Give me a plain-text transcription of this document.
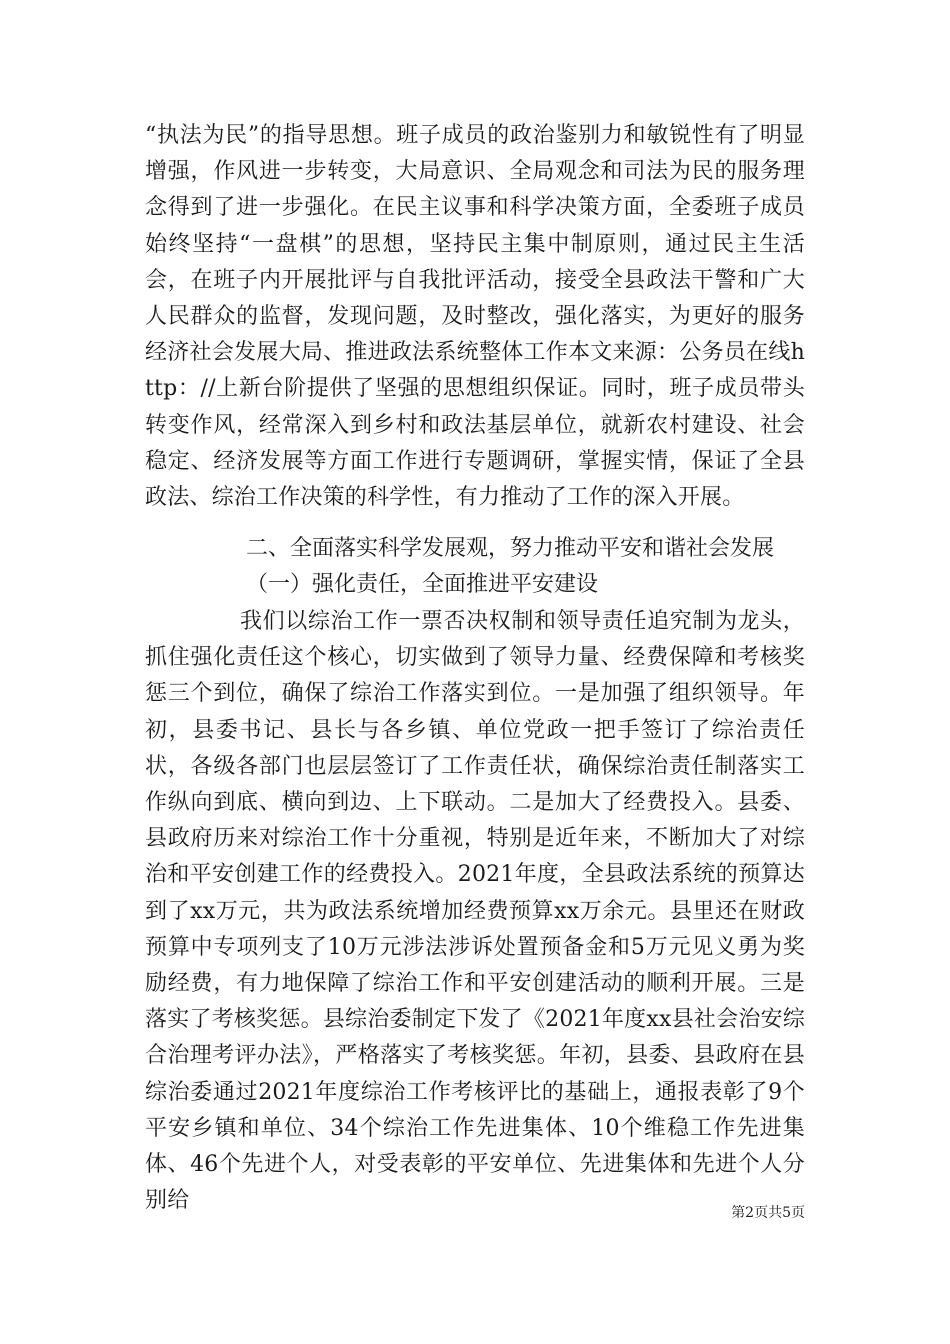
“执法为民”的指导思想。班子成员的政治鉴别力和敏锐性有了明显增强，作风进一步转变，大局意识、全局观念和司法为民的服务理念得到了进一步强化。在民主议事和科学决策方面，全委班子成员始终坚持“一盘棋”的思想，坚持民主集中制原则，通过民主生活会，在班子内开展批评与自我批评活动，接受全县政法干警和广大人民群众的监督，发现问题，及时整改，强化落实，为更好的服务经济社会发展大局、推进政法系统整体工作本文来源：公务员在线http：//上新台阶提供了坚强的思想组织保证。同时，班子成员带头转变作风，经常深入到乡村和政法基层单位，就新农村建设、社会稳定、经济发展等方面工作进行专题调研，掌握实情，保证了全县政法、综治工作决策的科学性，有力推动了工作的深入开展。

二、全面落实科学发展观，努力推动平安和谐社会发展

（一）强化责任，全面推进平安建设

我们以综治工作一票否决权制和领导责任追究制为龙头，抓住强化责任这个核心，切实做到了领导力量、经费保障和考核奖惩三个到位，确保了综治工作落实到位。一是加强了组织领导。年初，县委书记、县长与各乡镇、单位党政一把手签订了综治责任状，各级各部门也层层签订了工作责任状，确保综治责任制落实工作纵向到底、横向到边、上下联动。二是加大了经费投入。县委、县政府历来对综治工作十分重视，特别是近年来，不断加大了对综治和平安创建工作的经费投入。2021年度，全县政法系统的预算达到了xx万元，共为政法系统增加经费预算xx万余元。县里还在财政预算中专项列支了10万元涉法涉诉处置预备金和5万元见义勇为奖励经费，有力地保障了综治工作和平安创建活动的顺利开展。三是落实了考核奖惩。县综治委制定下发了《2021年度xx县社会治安综合治理考评办法》，严格落实了考核奖惩。年初，县委、县政府在县综治委通过2021年度综治工作考核评比的基础上，通报表彰了9个平安乡镇和单位、34个综治工作先进集体、10个维稳工作先进集体、46个先进个人，对受表彰的平安单位、先进集体和先进个人分别给	第2页共5页
